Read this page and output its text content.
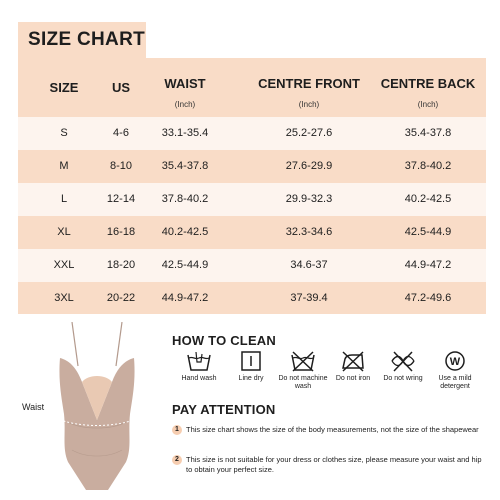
SIZE CHART
SIZE	US	WAIST	CENTRE FRONT	CENTRE BACK
(Inch)	(Inch)	(Inch)
S	4-6	33.1-35.4	25.2-27.6	35.4-37.8
M	8-10	35.4-37.8	27.6-29.9	37.8-40.2
L	12-14	37.8-40.2	29.9-32.3	40.2-42.5
XL	16-18	40.2-42.5	32.3-34.6	42.5-44.9
XXL	18-20	42.5-44.9	34.6-37	44.9-47.2
3XL	20-22	44.9-47.2	37-39.4	47.2-49.6
Waist
HOW TO CLEAN
Hand wash	Line dry	Do not machine wash
Do not iron	Do not wring
W
Use a mild detergent
PAY ATTENTION
1 This size chart shows the size of the body measurements, not the size of the shapewear
2 This size is not suitable for your dress or clothes size, please measure your waist and hip to obtain your perfect size.
